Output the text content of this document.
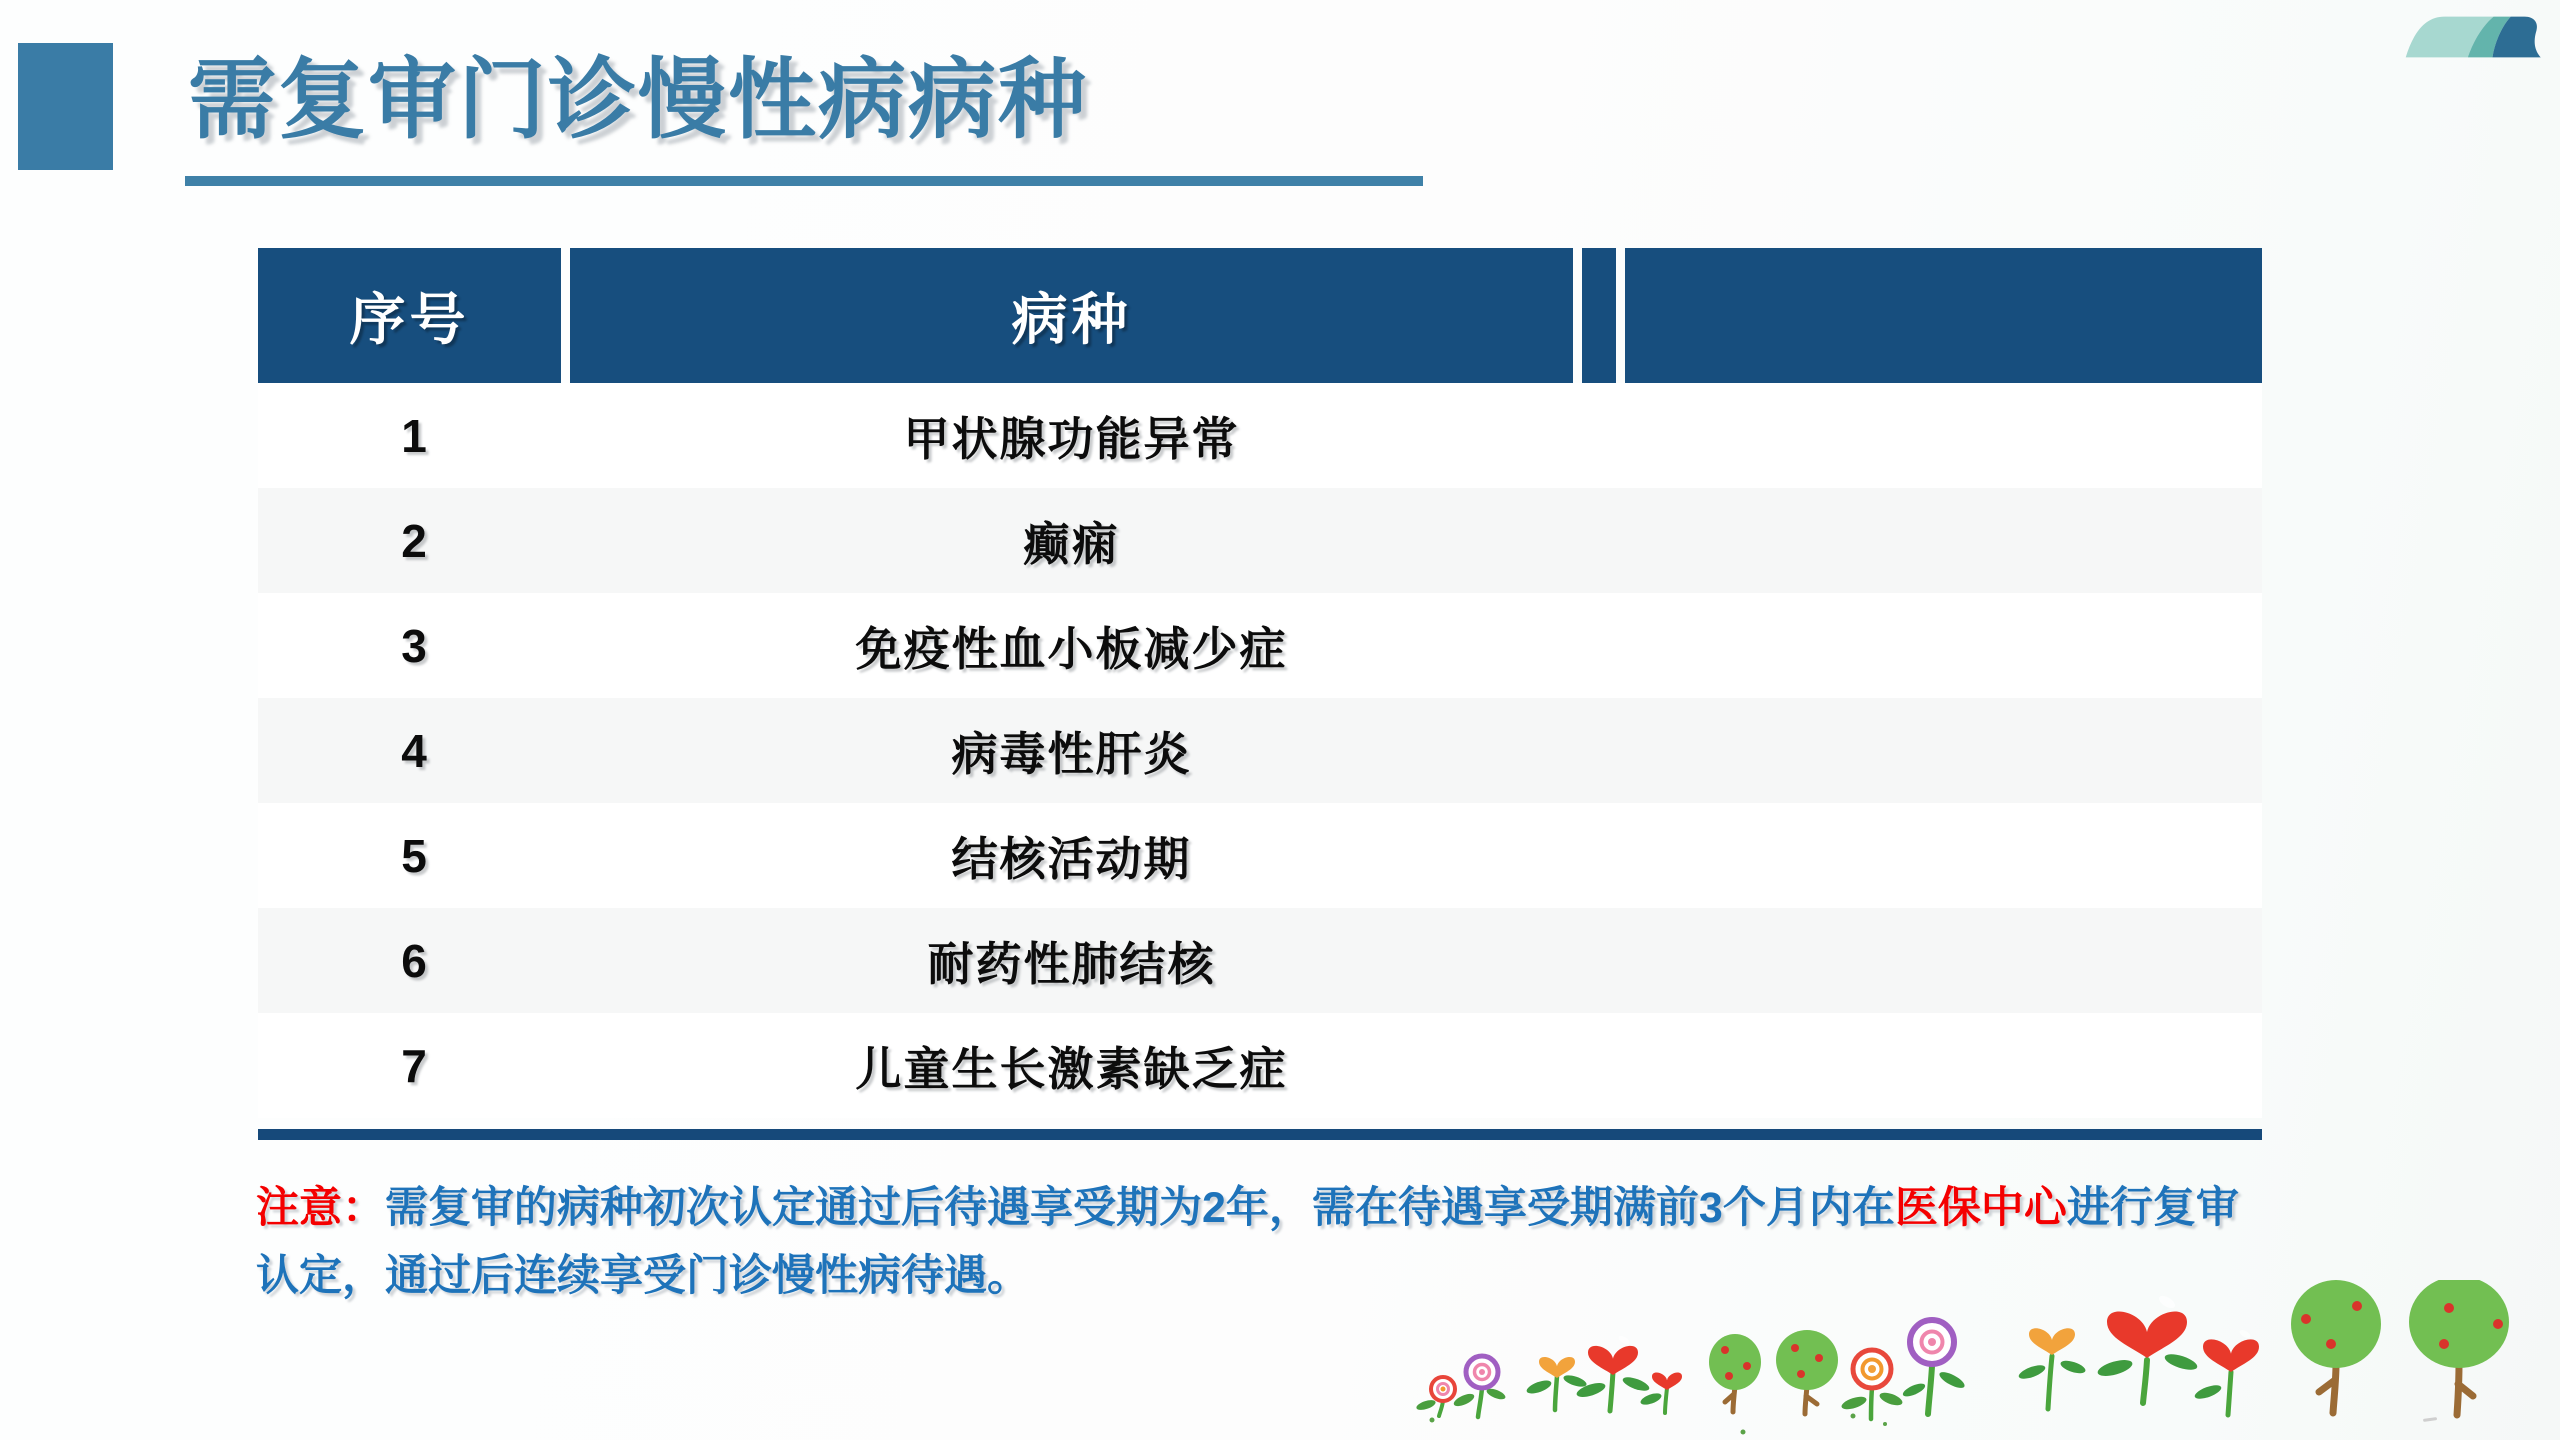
需复审门诊慢性病病种
序号	病种
1	甲状腺功能异常
2	癫痫
3	免疫性血小板减少症
4	病毒性肝炎
5	结核活动期
6	耐药性肺结核
7	儿童生长激素缺乏症
注意：需复审的病种初次认定通过后待遇享受期为2年，需在待遇享受期满前3个月内在医保中心进行复审
认定，通过后连续享受门诊慢性病待遇。
